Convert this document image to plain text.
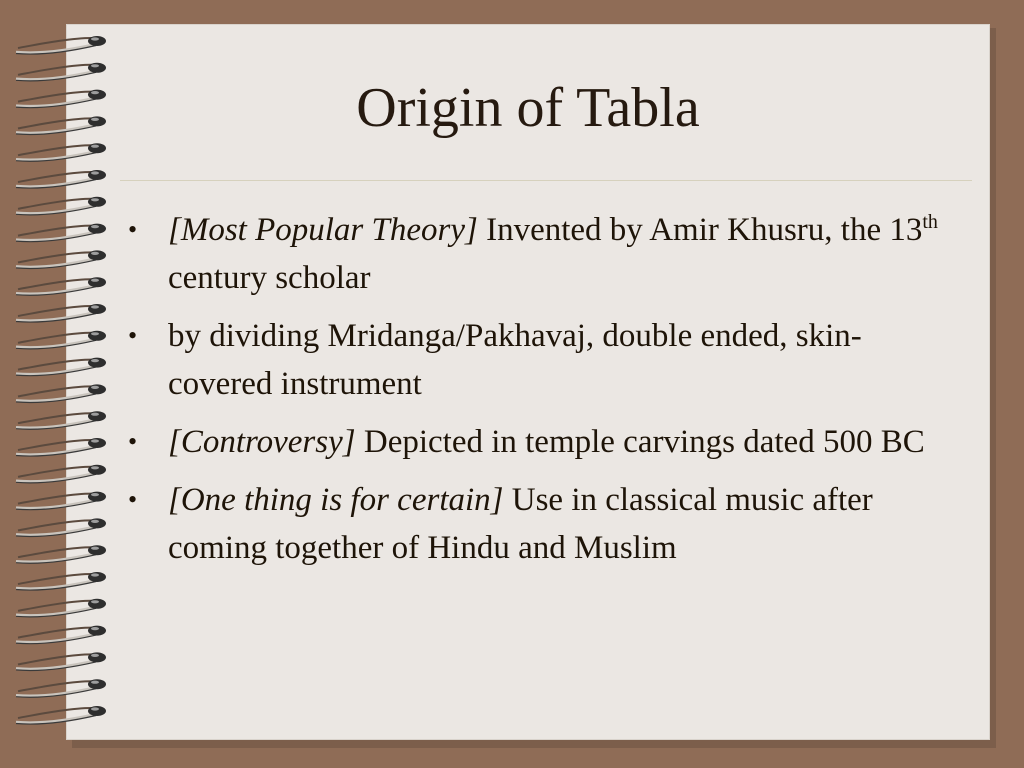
Origin of Tabla
•
[Most Popular Theory] Invented by Amir Khusru, the 13th century scholar
•
by dividing Mridanga/Pakhavaj, double ended, skin-covered instrument
•
[Controversy] Depicted in temple carvings dated 500 BC
•
[One thing is for certain] Use in classical music after coming together of Hindu and Muslim
